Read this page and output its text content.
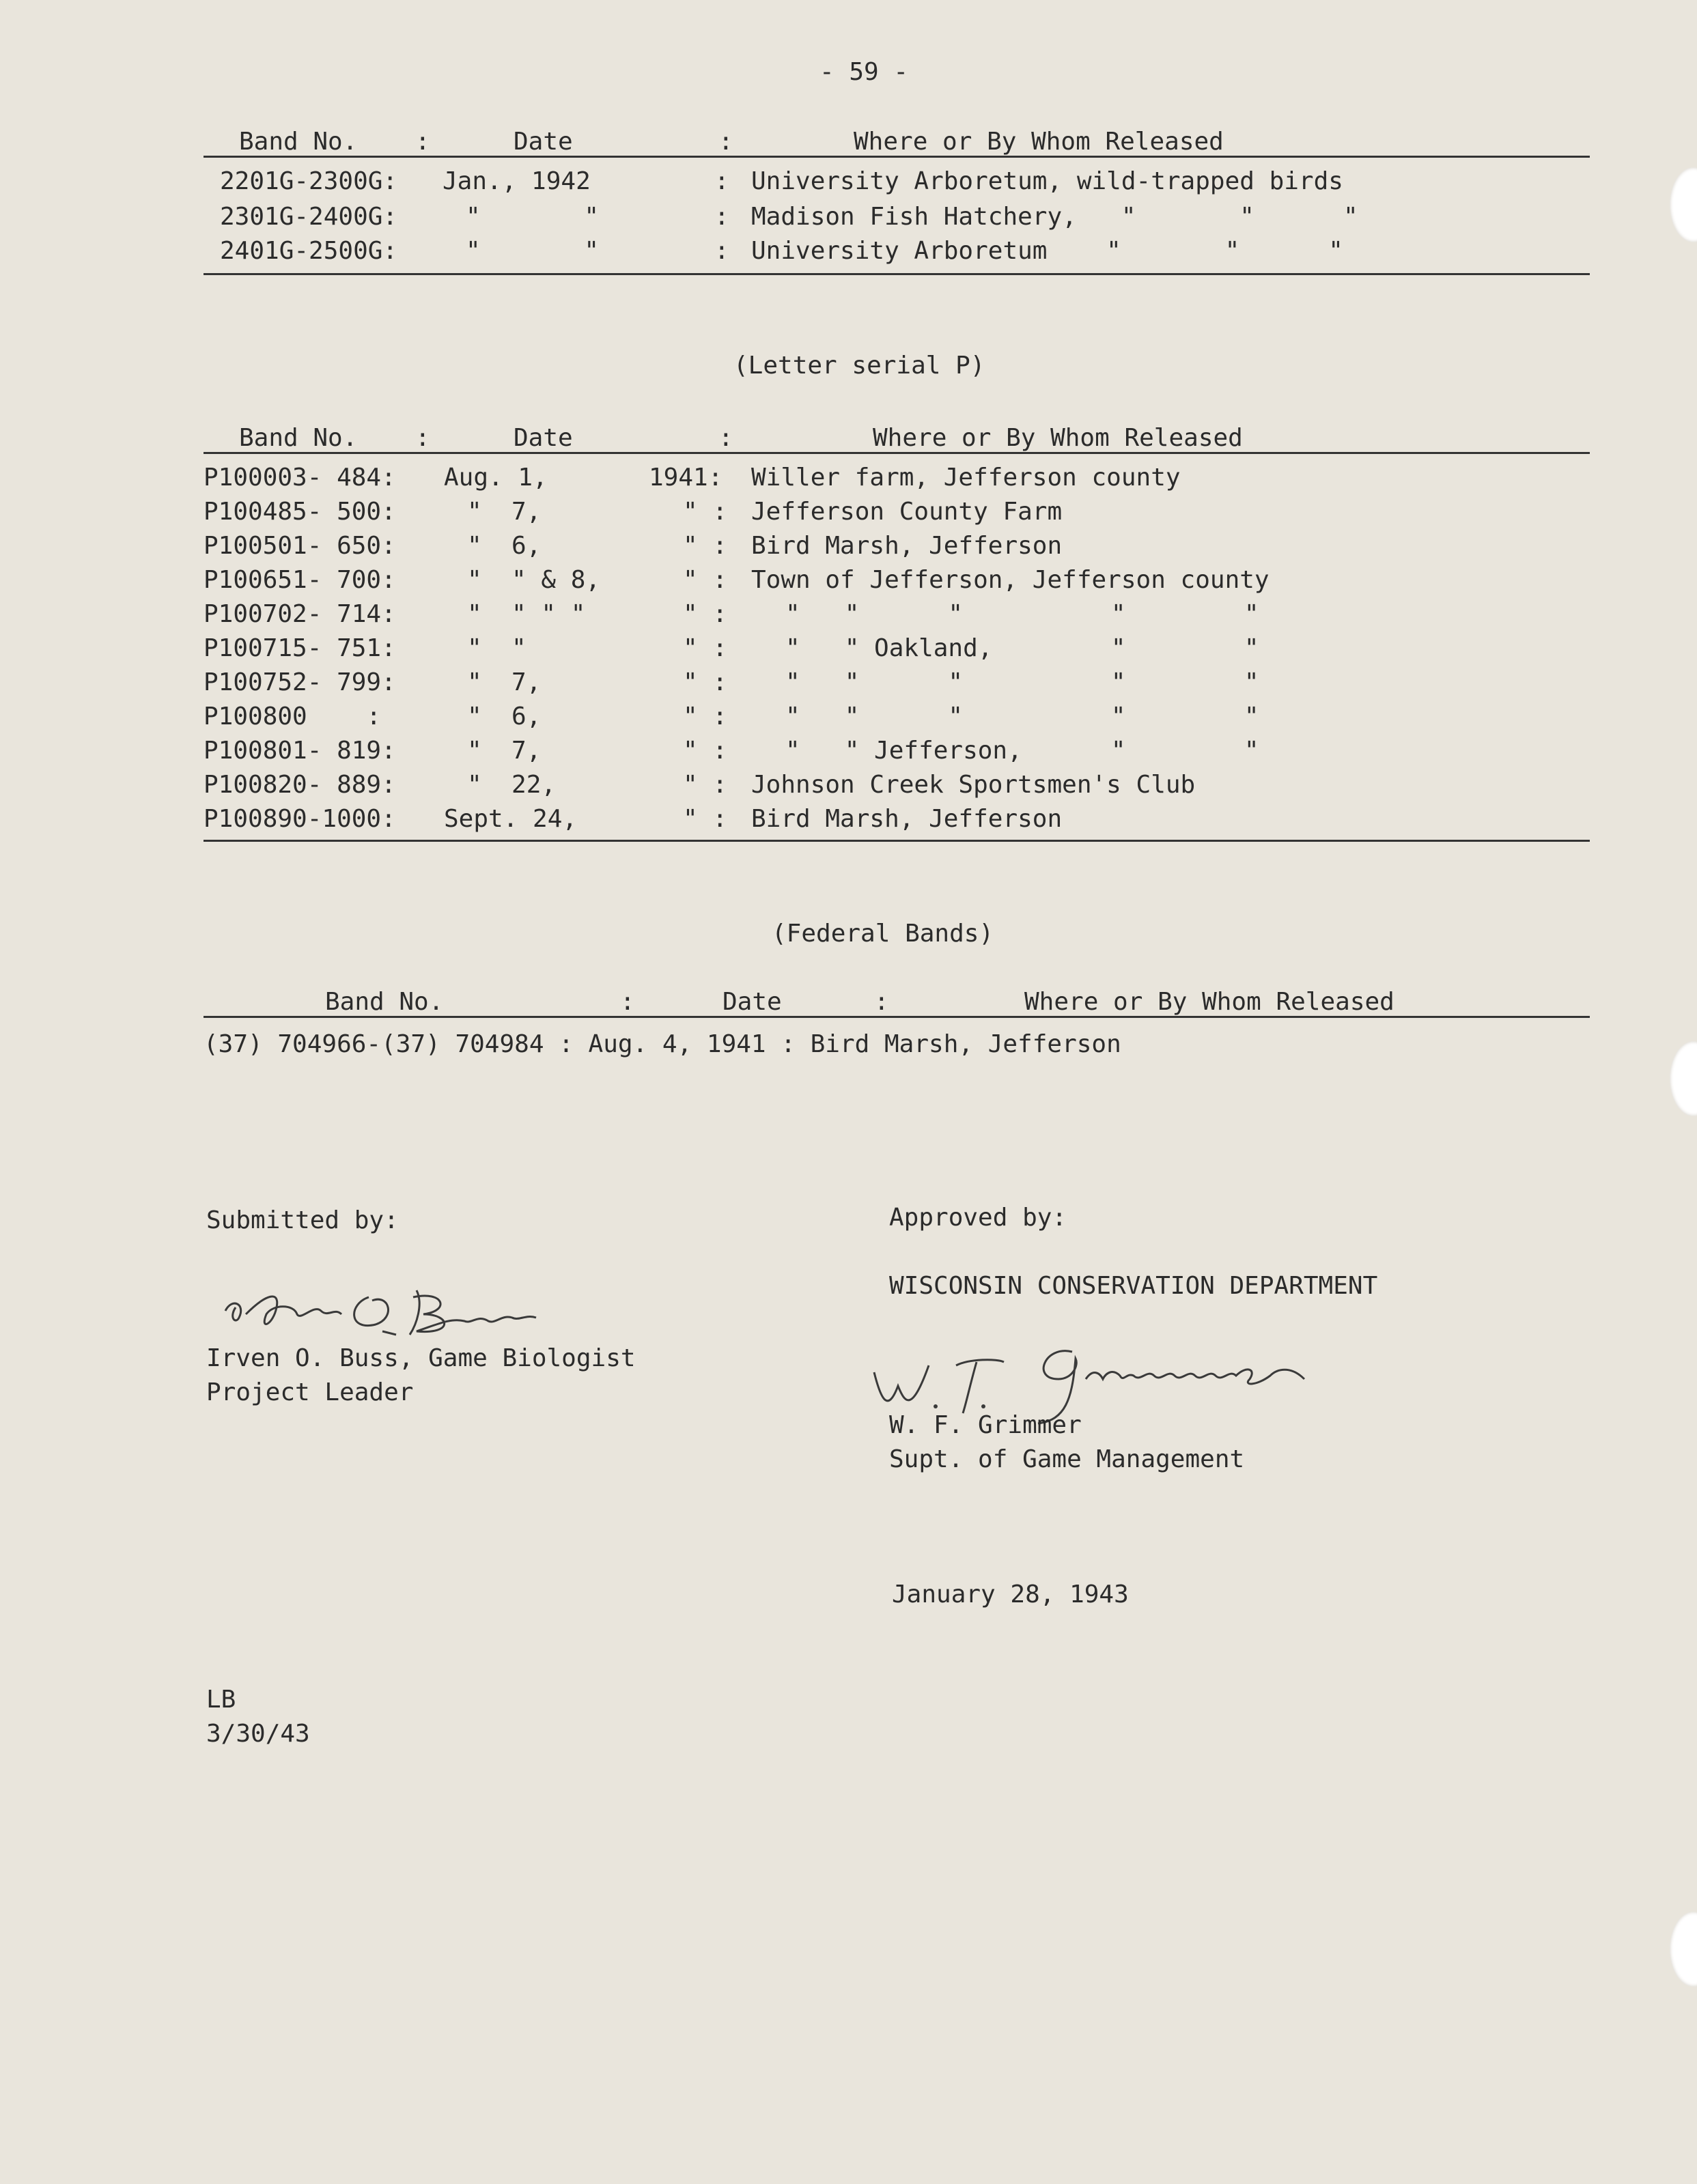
- 59 -
Band No. :	Date	:	Where or By Whom Released
2201G-2300G: Jan., 1942	: University Arboretum, wild-trapped birds
2301G-2400G:	"       "	: Madison Fish Hatchery,   "       "      "
2401G-2500G:	"       "	: University Arboretum    "       "      "
(Letter serial P)
Band No. :	Date	:	Where or By Whom Released
P100003- 484: Aug. 1,	1941: Willer farm, Jefferson county
P100485- 500:	"  7,	" : Jefferson County Farm
P100501- 650:	"  6,	" : Bird Marsh, Jefferson
P100651- 700:	"  " & 8,	" : Town of Jefferson, Jefferson county
P100702- 714:	"  " " "	" : "   "      "          "        "
P100715- 751:	"  "	" : "   " Oakland,        "        "
P100752- 799:	"  7,	" : "   "      "          "        "
P100800    :	"  6,	" : "   "      "          "        "
P100801- 819:	"  7,	" : "   " Jefferson,      "        "
P100820- 889:	"  22,	" : Johnson Creek Sportsmen's Club
P100890-1000: Sept. 24,	" : Bird Marsh, Jefferson
(Federal Bands)
Band No.	:	Date	:	Where or By Whom Released
(37) 704966-(37) 704984 : Aug. 4, 1941 : Bird Marsh, Jefferson
Submitted by:
Irven O. Buss, Game Biologist
Project Leader
Approved by:
WISCONSIN CONSERVATION DEPARTMENT
W. F. Grimmer
Supt. of Game Management
January 28, 1943
LB
3/30/43
